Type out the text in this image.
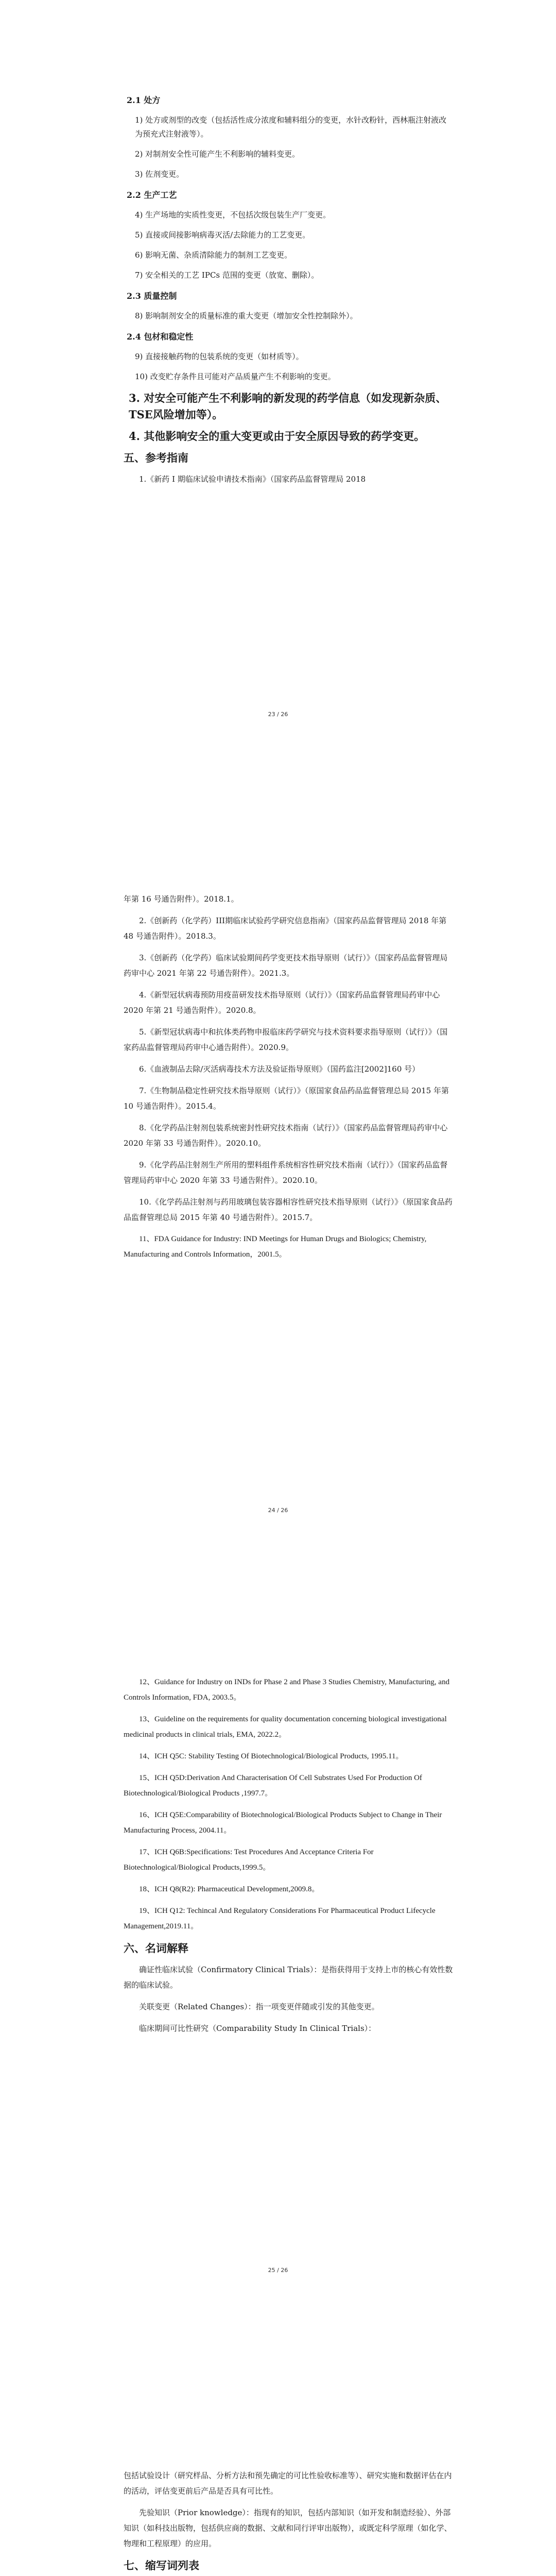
2.1 处方
1) 处方或剂型的改变（包括活性成分浓度和辅料组分的变更，水针改粉针，西林瓶注射液改为预充式注射液等）。
2) 对制剂安全性可能产生不利影响的辅料变更。
3) 佐剂变更。
2.2 生产工艺
4) 生产场地的实质性变更，不包括次级包装生产厂变更。
5) 直接或间接影响病毒灭活/去除能力的工艺变更。
6) 影响无菌、杂质清除能力的制剂工艺变更。
7) 安全相关的工艺 IPCs 范围的变更（放宽、删除）。
2.3 质量控制
8) 影响制剂安全的质量标准的重大变更（增加安全性控制除外）。
2.4 包材和稳定性
9) 直接接触药物的包装系统的变更（如材质等）。
10) 改变贮存条件且可能对产品质量产生不利影响的变更。
3. 对安全可能产生不利影响的新发现的药学信息（如发现新杂质、TSE风险增加等）。
4. 其他影响安全的重大变更或由于安全原因导致的药学变更。
五、参考指南
1.《新药 I 期临床试验申请技术指南》（国家药品监督管理局 2018
23 / 26
年第 16 号通告附件）。2018.1。
2.《创新药（化学药）III期临床试验药学研究信息指南》（国家药品监督管理局 2018 年第 48 号通告附件）。2018.3。
3.《创新药（化学药）临床试验期间药学变更技术指导原则（试行）》（国家药品监督管理局药审中心 2021 年第 22 号通告附件）。2021.3。
4.《新型冠状病毒预防用疫苗研发技术指导原则（试行）》（国家药品监督管理局药审中心 2020 年第 21 号通告附件）。2020.8。
5.《新型冠状病毒中和抗体类药物申报临床药学研究与技术资料要求指导原则（试行）》（国家药品监督管理局药审中心通告附件）。2020.9。
6.《血液制品去除/灭活病毒技术方法及验证指导原则》（国药监注[2002]160 号）
7.《生物制品稳定性研究技术指导原则（试行）》（原国家食品药品监督管理总局 2015 年第 10 号通告附件）。2015.4。
8.《化学药品注射剂包装系统密封性研究技术指南（试行）》（国家药品监督管理局药审中心 2020 年第 33 号通告附件）。2020.10。
9.《化学药品注射剂生产所用的塑料组件系统相容性研究技术指南（试行）》（国家药品监督管理局药审中心 2020 年第 33 号通告附件）。2020.10。
10.《化学药品注射剂与药用玻璃包装容器相容性研究技术指导原则（试行）》（原国家食品药品监督管理总局 2015 年第 40 号通告附件）。2015.7。
11、FDA Guidance for Industry: IND Meetings for Human Drugs and Biologics; Chemistry, Manufacturing and Controls Information，2001.5。
24 / 26
12、Guidance for Industry on INDs for Phase 2 and Phase 3 Studies Chemistry, Manufacturing, and Controls Information, FDA, 2003.5。
13、Guideline on the requirements for quality documentation concerning biological investigational medicinal products in clinical trials, EMA, 2022.2。
14、ICH Q5C: Stability Testing Of Biotechnological/Biological Products, 1995.11。
15、ICH Q5D:Derivation And Characterisation Of Cell Substrates Used For Production Of Biotechnological/Biological Products ,1997.7。
16、ICH Q5E:Comparability of Biotechnological/Biological Products Subject to Change in Their Manufacturing Process, 2004.11。
17、ICH Q6B:Specifications: Test Procedures And Acceptance Criteria For Biotechnological/Biological Products,1999.5。
18、ICH Q8(R2): Pharmaceutical Development,2009.8。
19、ICH Q12: Techincal And Regulatory Considerations For Pharmaceutical Product Lifecycle Management,2019.11。
六、名词解释
确证性临床试验（Confirmatory Clinical Trials）：是指获得用于支持上市的核心有效性数据的临床试验。
关联变更（Related Changes）：指一项变更伴随或引发的其他变更。
临床期间可比性研究（Comparability Study In Clinical Trials）：
25 / 26
包括试验设计（研究样品、分析方法和预先确定的可比性验收标准等）、研究实施和数据评估在内的活动，评估变更前后产品是否具有可比性。
先验知识（Prior knowledge）：指现有的知识，包括内部知识（如开发和制造经验）、外部知识（如科技出版物，包括供应商的数据、文献和同行评审出版物），或既定科学原理（如化学、物理和工程原理）的应用。
七、缩写词列表
